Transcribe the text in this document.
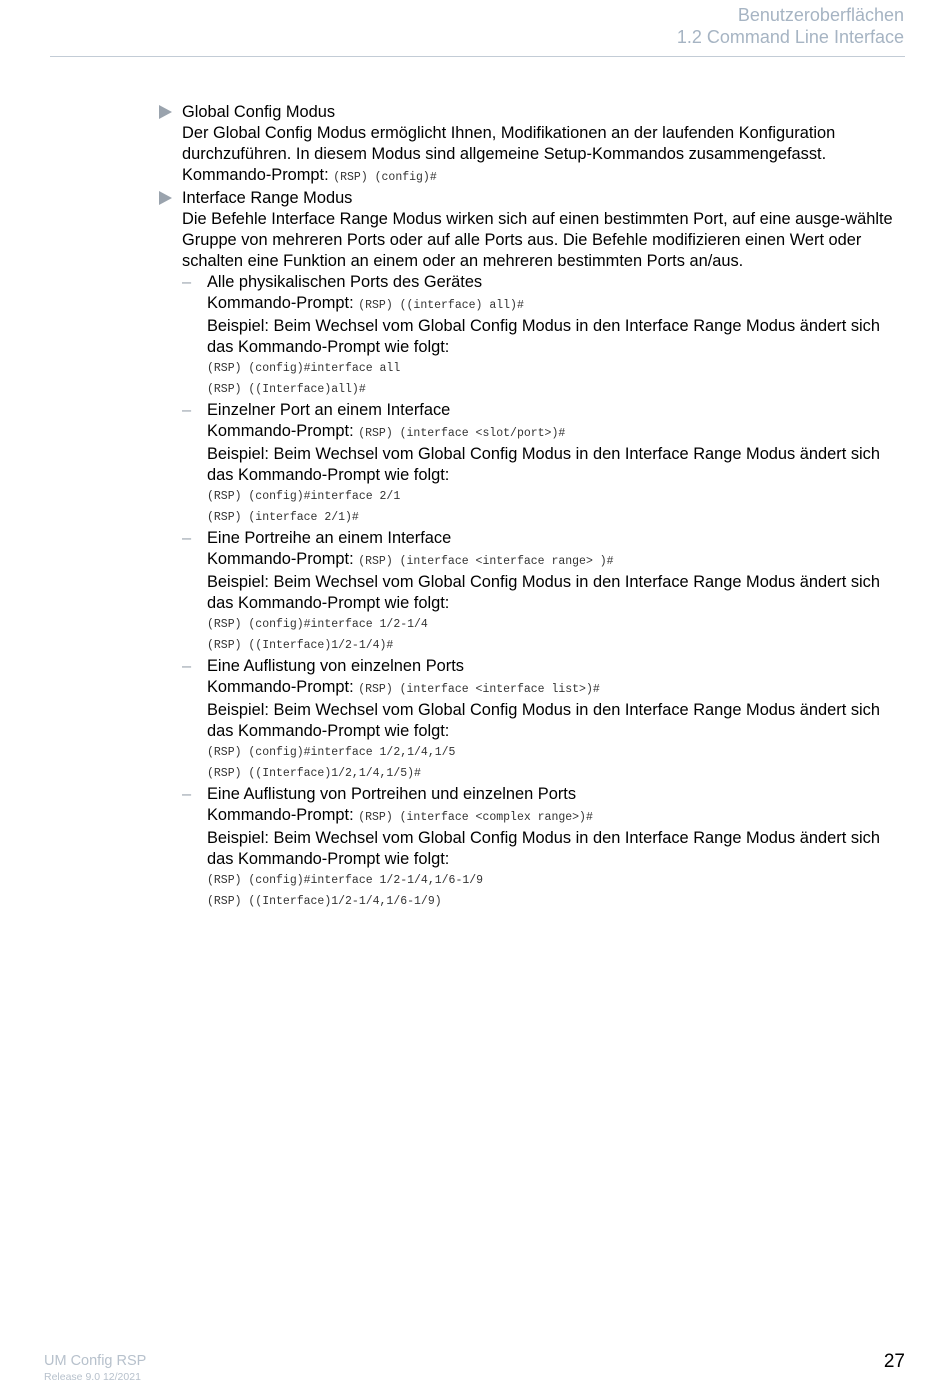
Benutzeroberflächen
1.2 Command Line Interface
Global Config Modus
Der Global Config Modus ermöglicht Ihnen, Modifikationen an der laufenden Konfiguration durchzuführen. In diesem Modus sind allgemeine Setup-Kommandos zusammengefasst.
Kommando-Prompt: (RSP) (config)#
Interface Range Modus
Die Befehle Interface Range Modus wirken sich auf einen bestimmten Port, auf eine ausge-wählte Gruppe von mehreren Ports oder auf alle Ports aus. Die Befehle modifizieren einen Wert oder schalten eine Funktion an einem oder an mehreren bestimmten Ports an/aus.
– Alle physikalischen Ports des Gerätes
Kommando-Prompt: (RSP) ((interface) all)#
Beispiel: Beim Wechsel vom Global Config Modus in den Interface Range Modus ändert sich das Kommando-Prompt wie folgt:
(RSP) (config)#interface all
(RSP) ((Interface)all)#
– Einzelner Port an einem Interface
Kommando-Prompt: (RSP) (interface <slot/port>)#
Beispiel: Beim Wechsel vom Global Config Modus in den Interface Range Modus ändert sich das Kommando-Prompt wie folgt:
(RSP) (config)#interface 2/1
(RSP) (interface 2/1)#
– Eine Portreihe an einem Interface
Kommando-Prompt: (RSP) (interface <interface range> )#
Beispiel: Beim Wechsel vom Global Config Modus in den Interface Range Modus ändert sich das Kommando-Prompt wie folgt:
(RSP) (config)#interface 1/2-1/4
(RSP) ((Interface)1/2-1/4)#
– Eine Auflistung von einzelnen Ports
Kommando-Prompt: (RSP) (interface <interface list>)#
Beispiel: Beim Wechsel vom Global Config Modus in den Interface Range Modus ändert sich das Kommando-Prompt wie folgt:
(RSP) (config)#interface 1/2,1/4,1/5
(RSP) ((Interface)1/2,1/4,1/5)#
– Eine Auflistung von Portreihen und einzelnen Ports
Kommando-Prompt: (RSP) (interface <complex range>)#
Beispiel: Beim Wechsel vom Global Config Modus in den Interface Range Modus ändert sich das Kommando-Prompt wie folgt:
(RSP) (config)#interface 1/2-1/4,1/6-1/9
(RSP) ((Interface)1/2-1/4,1/6-1/9)
UM Config RSP
Release 9.0 12/2021
27
